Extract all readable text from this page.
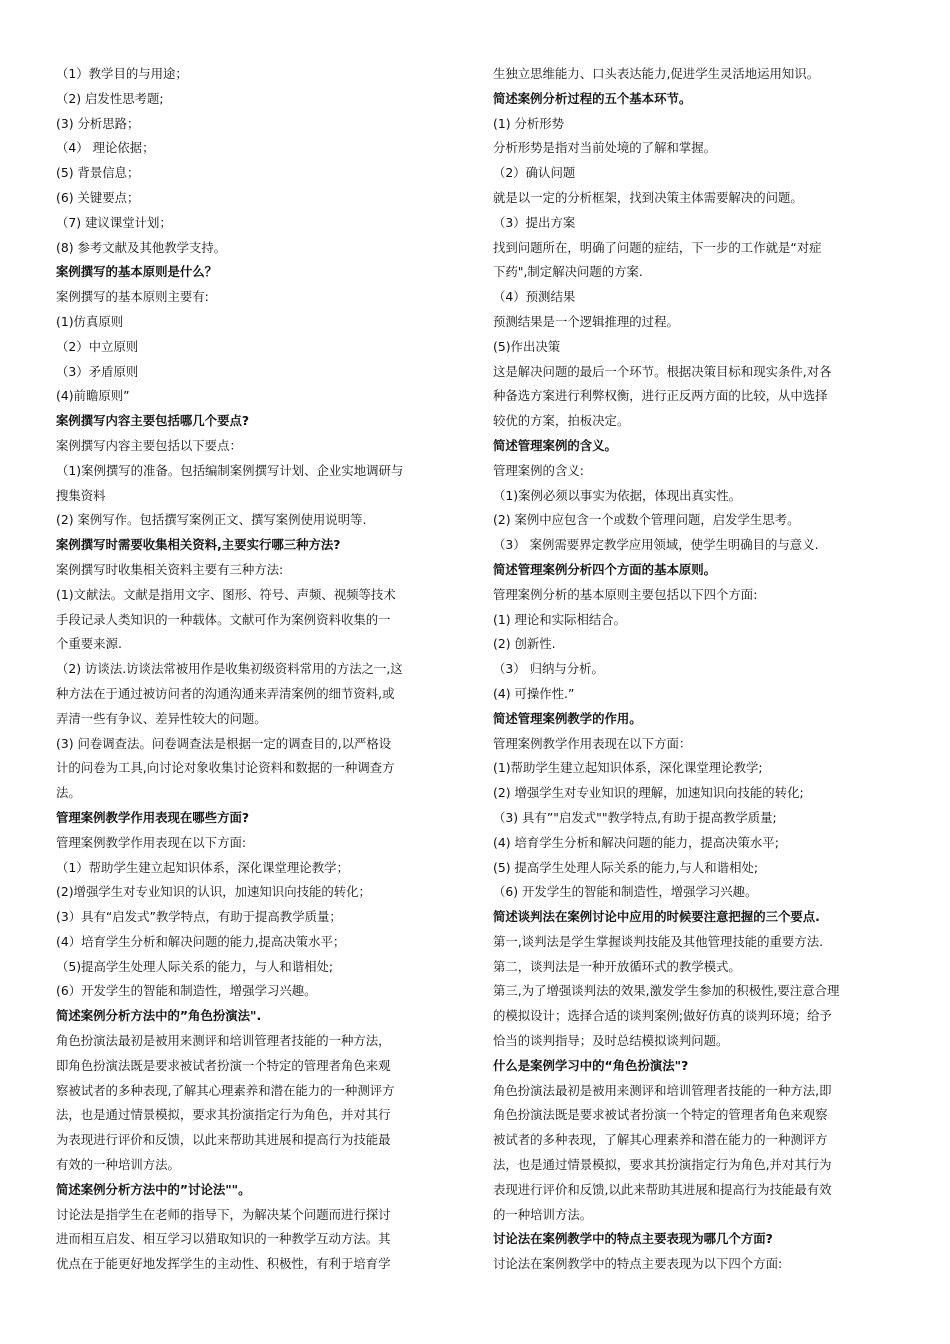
（1）教学目的与用途；

（2) 启发性思考题;

(3) 分析思路；

（4） 理论依据；

(5) 背景信息；

(6) 关键要点；

（7) 建议课堂计划；

(8) 参考文献及其他教学支持。

案例撰写的基本原则是什么？

案例撰写的基本原则主要有:

(1)仿真原则

（2）中立原则

（3）矛盾原则

(4)前瞻原则”

案例撰写内容主要包括哪几个要点?

案例撰写内容主要包括以下要点：

（1)案例撰写的准备。包括编制案例撰写计划、企业实地调研与

搜集资料

(2) 案例写作。包括撰写案例正文、撰写案例使用说明等.

案例撰写时需要收集相关资料,主要实行哪三种方法?

案例撰写时收集相关资料主要有三种方法:

(1)文献法。文献是指用文字、图形、符号、声频、视频等技术

手段记录人类知识的一种载体。文献可作为案例资料收集的一

个重要来源.

（2) 访谈法.访谈法常被用作是收集初级资料常用的方法之一,这

种方法在于通过被访问者的沟通沟通来弄清案例的细节资料,或

弄清一些有争议、差异性较大的问题。

(3) 问卷调查法。问卷调查法是根据一定的调查目的,以严格设

计的问卷为工具,向讨论对象收集讨论资料和数据的一种调查方

法。

管理案例教学作用表现在哪些方面?

管理案例教学作用表现在以下方面:

（1）帮助学生建立起知识体系，深化课堂理论教学；

(2)增强学生对专业知识的认识，加速知识向技能的转化；

(3）具有“启发式”教学特点，有助于提高教学质量；

(4）培育学生分析和解决问题的能力,提高决策水平；

（5)提高学生处理人际关系的能力，与人和谐相处;

(6）开发学生的智能和制造性，增强学习兴趣。

简述案例分析方法中的”角色扮演法".

角色扮演法最初是被用来测评和培训管理者技能的一种方法，

即角色扮演法既是要求被试者扮演一个特定的管理者角色来观

察被试者的多种表现,了解其心理素养和潜在能力的一种测评方

法，也是通过情景模拟，要求其扮演指定行为角色，并对其行

为表现进行评价和反馈，以此来帮助其进展和提高行为技能最

有效的一种培训方法。

简述案例分析方法中的”讨论法""。

讨论法是指学生在老师的指导下，为解决某个问题而进行探讨

进而相互启发、相互学习以猎取知识的一种教学互动方法。其

优点在于能更好地发挥学生的主动性、积极性，有利于培育学

生独立思维能力、口头表达能力,促进学生灵活地运用知识。

简述案例分析过程的五个基本环节。

(1) 分析形势

分析形势是指对当前处境的了解和掌握。

（2）确认问题

就是以一定的分析框架，找到决策主体需要解决的问题。

（3）提出方案

找到问题所在，明确了问题的症结，下一步的工作就是“对症

下药",制定解决问题的方案.

（4）预测结果

预测结果是一个逻辑推理的过程。

(5)作出决策

这是解决问题的最后一个环节。根据决策目标和现实条件,对各

种备选方案进行利弊权衡，进行正反两方面的比较，从中选择

较优的方案，拍板决定。

简述管理案例的含义。

管理案例的含义:

（1)案例必须以事实为依据，体现出真实性。

(2) 案例中应包含一个或数个管理问题，启发学生思考。

（3） 案例需要界定教学应用领域，使学生明确目的与意义.

简述管理案例分析四个方面的基本原则。

管理案例分析的基本原则主要包括以下四个方面:

(1) 理论和实际相结合。

(2) 创新性.

（3） 归纳与分析。

(4) 可操作性.”

简述管理案例教学的作用。

管理案例教学作用表现在以下方面：

(1)帮助学生建立起知识体系，深化课堂理论教学;

(2) 增强学生对专业知识的理解，加速知识向技能的转化;

（3) 具有”"启发式""教学特点,有助于提高教学质量;

(4) 培育学生分析和解决问题的能力，提高决策水平;

(5) 提高学生处理人际关系的能力,与人和谐相处;

（6) 开发学生的智能和制造性，增强学习兴趣。

简述谈判法在案例讨论中应用的时候要注意把握的三个要点.

第一,谈判法是学生掌握谈判技能及其他管理技能的重要方法.

第二，谈判法是一种开放循环式的教学模式。

第三,为了增强谈判法的效果,激发学生参加的积极性,要注意合理

的模拟设计；选择合适的谈判案例;做好仿真的谈判环境；给予

恰当的谈判指导；及时总结模拟谈判问题。

什么是案例学习中的“角色扮演法"?

角色扮演法最初是被用来测评和培训管理者技能的一种方法,即

角色扮演法既是要求被试者扮演一个特定的管理者角色来观察

被试者的多种表现，了解其心理素养和潜在能力的一种测评方

法，也是通过情景模拟，要求其扮演指定行为角色,并对其行为

表现进行评价和反馈,以此来帮助其进展和提高行为技能最有效

的一种培训方法。

讨论法在案例教学中的特点主要表现为哪几个方面?

讨论法在案例教学中的特点主要表现为以下四个方面:
